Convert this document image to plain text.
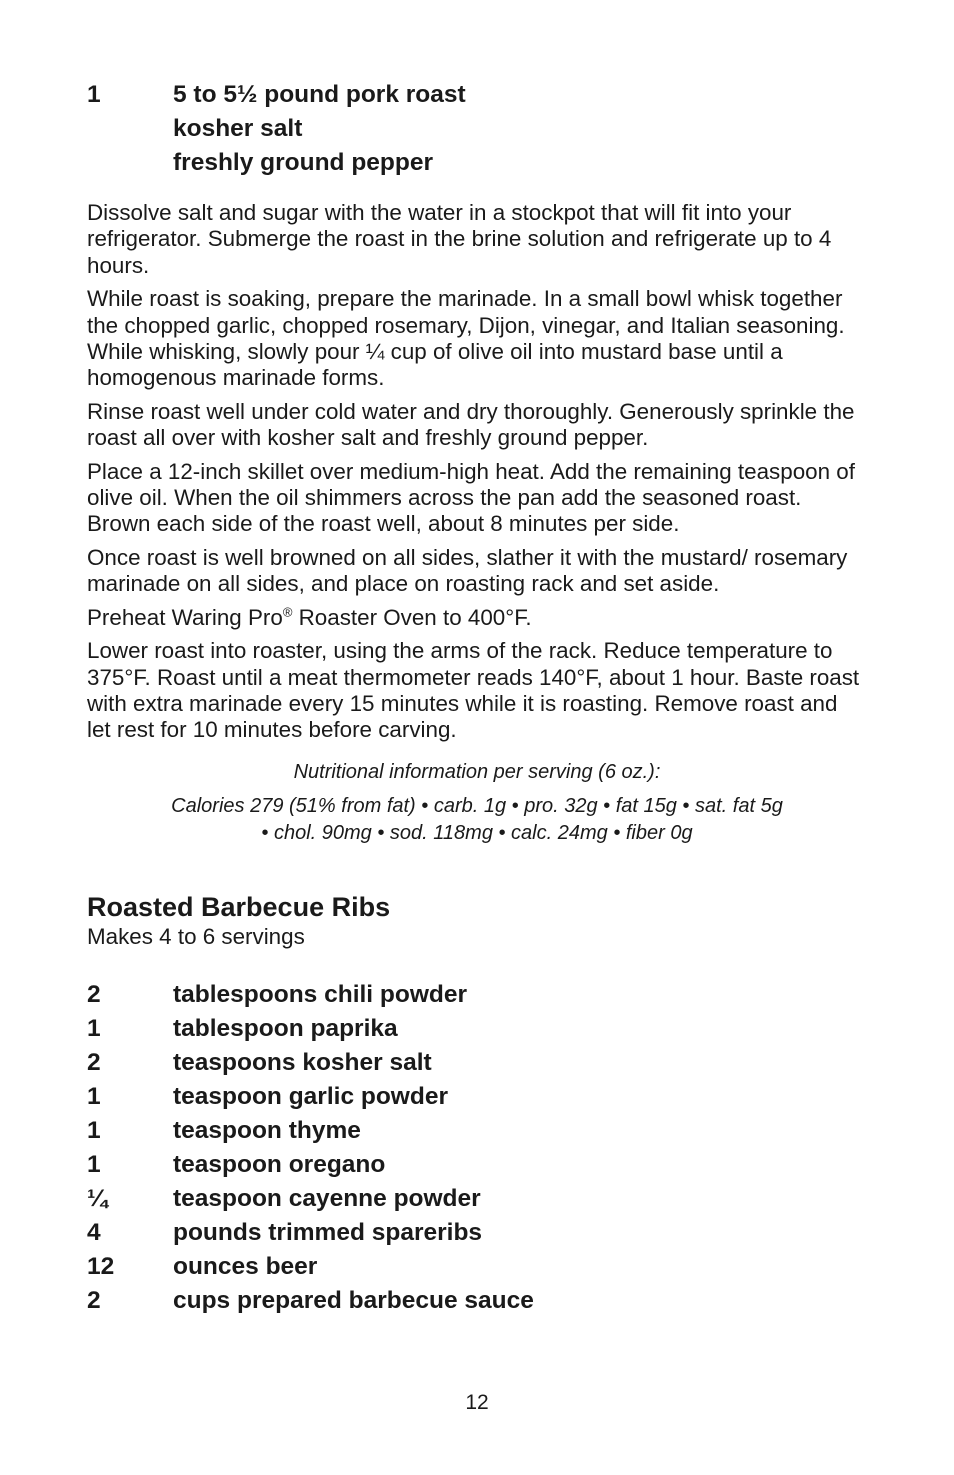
1	5 to 5½ pound pork roast
kosher salt
freshly ground pepper

Dissolve salt and sugar with the water in a stockpot that will fit into your refrigerator. Submerge the roast in the brine solution and refrigerate up to 4 hours.

While roast is soaking, prepare the marinade. In a small bowl whisk together the chopped garlic, chopped rosemary, Dijon, vinegar, and Italian seasoning. While whisking, slowly pour ¼ cup of olive oil into mustard base until a homogenous marinade forms.

Rinse roast well under cold water and dry thoroughly. Generously sprinkle the roast all over with kosher salt and freshly ground pepper.

Place a 12-inch skillet over medium-high heat. Add the remaining teaspoon of olive oil. When the oil shimmers across the pan add the seasoned roast. Brown each side of the roast well, about 8 minutes per side.

Once roast is well browned on all sides, slather it with the mustard/ rosemary marinade on all sides, and place on roasting rack and set aside.

Preheat Waring Pro® Roaster Oven to 400°F.

Lower roast into roaster, using the arms of the rack. Reduce temperature to 375°F. Roast until a meat thermometer reads 140°F, about 1 hour. Baste roast with extra marinade every 15 minutes while it is roasting. Remove roast and let rest for 10 minutes before carving.

Nutritional information per serving (6 oz.):
Calories 279 (51% from fat) • carb. 1g • pro. 32g • fat 15g • sat. fat 5g
• chol. 90mg • sod. 118mg • calc. 24mg • fiber 0g
Roasted Barbecue Ribs
Makes 4 to 6 servings
2	tablespoons chili powder
1	tablespoon paprika
2	teaspoons kosher salt
1	teaspoon garlic powder
1	teaspoon thyme
1	teaspoon oregano
¼	teaspoon cayenne powder
4	pounds trimmed spareribs
12	ounces beer
2	cups prepared barbecue sauce
12
